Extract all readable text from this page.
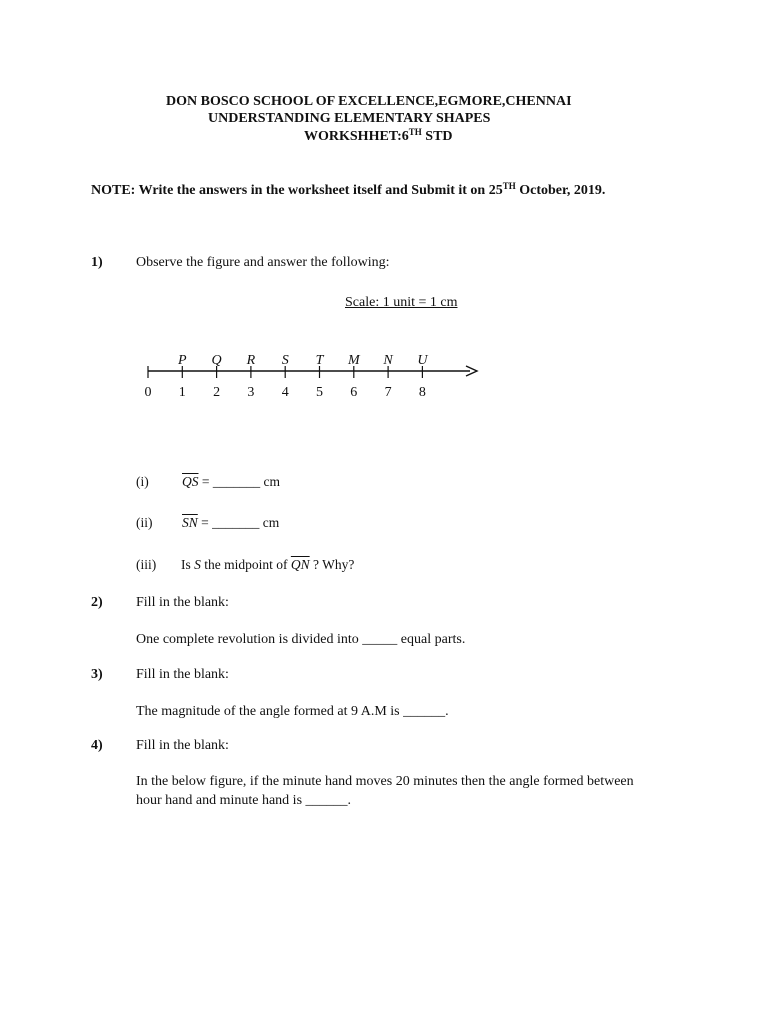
DON BOSCO SCHOOL OF EXCELLENCE,EGMORE,CHENNAI
UNDERSTANDING ELEMENTARY SHAPES
WORKSHHET:6TH STD
NOTE: Write the answers in the worksheet itself and Submit it on 25TH October, 2019.
1) Observe the figure and answer the following:
Scale: 1 unit = 1 cm
0 1 2 3 4 5 6 7 8
P Q R S T M N U
(i) $\overline{QS}$ = _______ cm
(ii) $\overline{SN}$ = _______ cm
(iii) Is S the midpoint of $\overline{QN}$ ? Why?
2) Fill in the blank:
One complete revolution is divided into _____ equal parts.
3) Fill in the blank:
The magnitude of the angle formed at 9 A.M is ______.
4) Fill in the blank:
In the below figure, if the minute hand moves 20 minutes then the angle formed between
hour hand and minute hand is ______.
